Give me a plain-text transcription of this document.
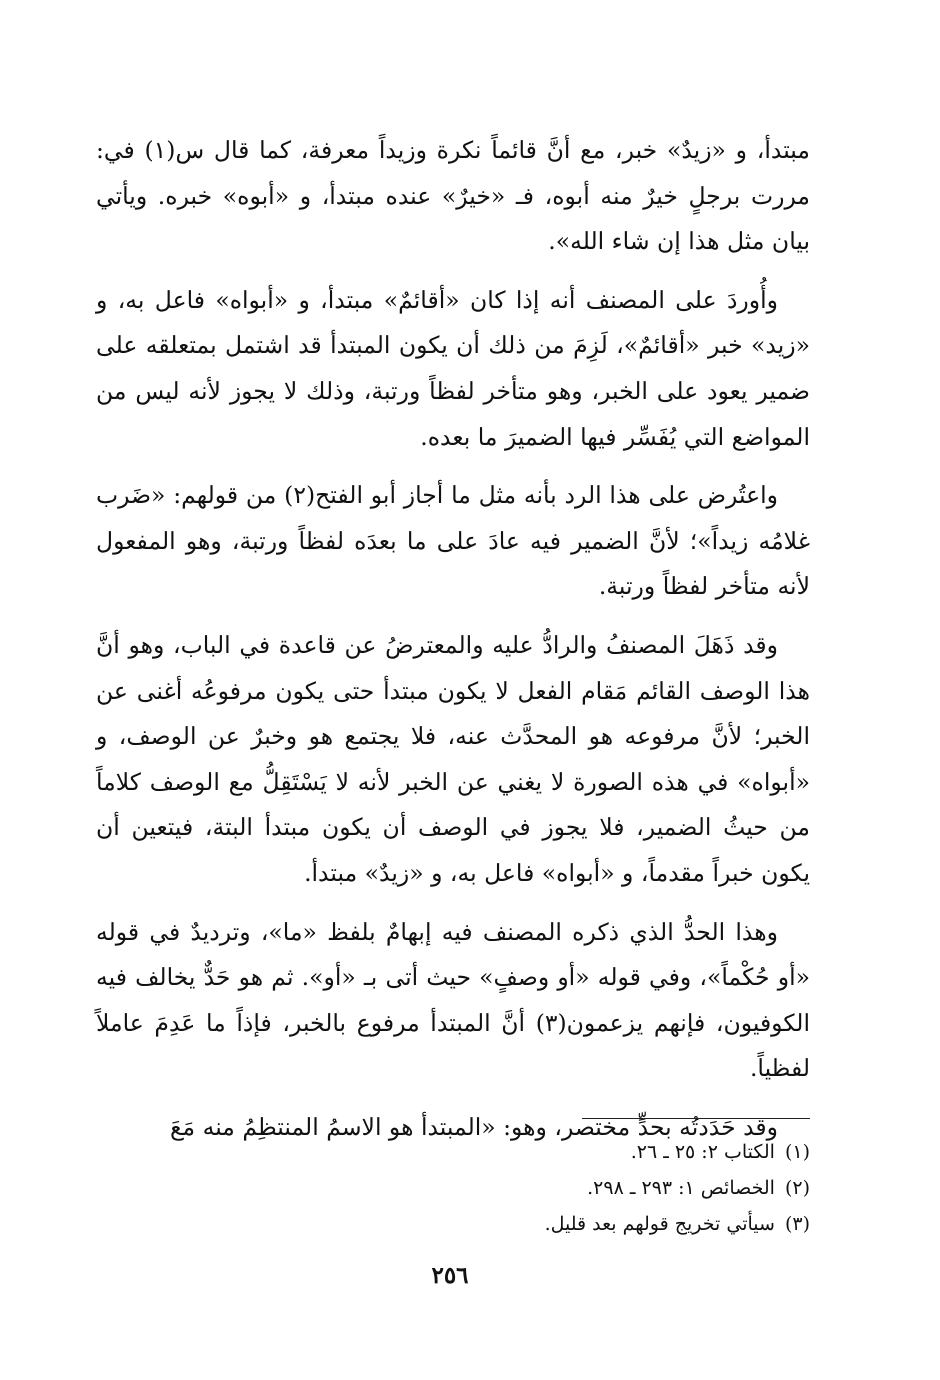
مبتدأ، و «زيدٌ» خبر، مع أنَّ قائماً نكرة وزيداً معرفة، كما قال س(١) في: مررت برجلٍ خيرٌ منه أبوه، فـ «خيرٌ» عنده مبتدأ، و «أبوه» خبره. ويأتي بيان مثل هذا إن شاء الله».

وأُوردَ على المصنف أنه إذا كان «أقائمٌ» مبتدأ، و «أبواه» فاعل به، و «زيد» خبر «أقائمٌ»، لَزِمَ من ذلك أن يكون المبتدأ قد اشتمل بمتعلقه على ضمير يعود على الخبر، وهو متأخر لفظاً ورتبة، وذلك لا يجوز لأنه ليس من المواضع التي يُفَسِّر فيها الضميرَ ما بعده.

واعتُرض على هذا الرد بأنه مثل ما أجاز أبو الفتح(٢) من قولهم: «ضَرب غلامُه زيداً»؛ لأنَّ الضمير فيه عادَ على ما بعدَه لفظاً ورتبة، وهو المفعول لأنه متأخر لفظاً ورتبة.

وقد ذَهَلَ المصنفُ والرادُّ عليه والمعترضُ عن قاعدة في الباب، وهو أنَّ هذا الوصف القائم مَقام الفعل لا يكون مبتدأ حتى يكون مرفوعُه أغنى عن الخبر؛ لأنَّ مرفوعه هو المحدَّث عنه، فلا يجتمع هو وخبرٌ عن الوصف، و «أبواه» في هذه الصورة لا يغني عن الخبر لأنه لا يَسْتَقِلُّ مع الوصف كلاماً من حيثُ الضمير، فلا يجوز في الوصف أن يكون مبتدأ البتة، فيتعين أن يكون خبراً مقدماً، و «أبواه» فاعل به، و «زيدٌ» مبتدأ.

وهذا الحدُّ الذي ذكره المصنف فيه إبهامٌ بلفظ «ما»، وترديدٌ في قوله «أو حُكْماً»، وفي قوله «أو وصفٍ» حيث أتى بـ «أو». ثم هو حَدٌّ يخالف فيه الكوفيون، فإنهم يزعمون(٣) أنَّ المبتدأ مرفوع بالخبر، فإذاً ما عَدِمَ عاملاً لفظياً.

وقد حَدَدتُه بحدٍّ مختصر، وهو: «المبتدأ هو الاسمُ المنتظِمُ منه مَعَ

(١)الكتاب ٢: ٢٥ ـ ٢٦.
(٢)الخصائص ١: ٢٩٣ ـ ٢٩٨.
(٣)سيأتي تخريج قولهم بعد قليل.
٢٥٦
